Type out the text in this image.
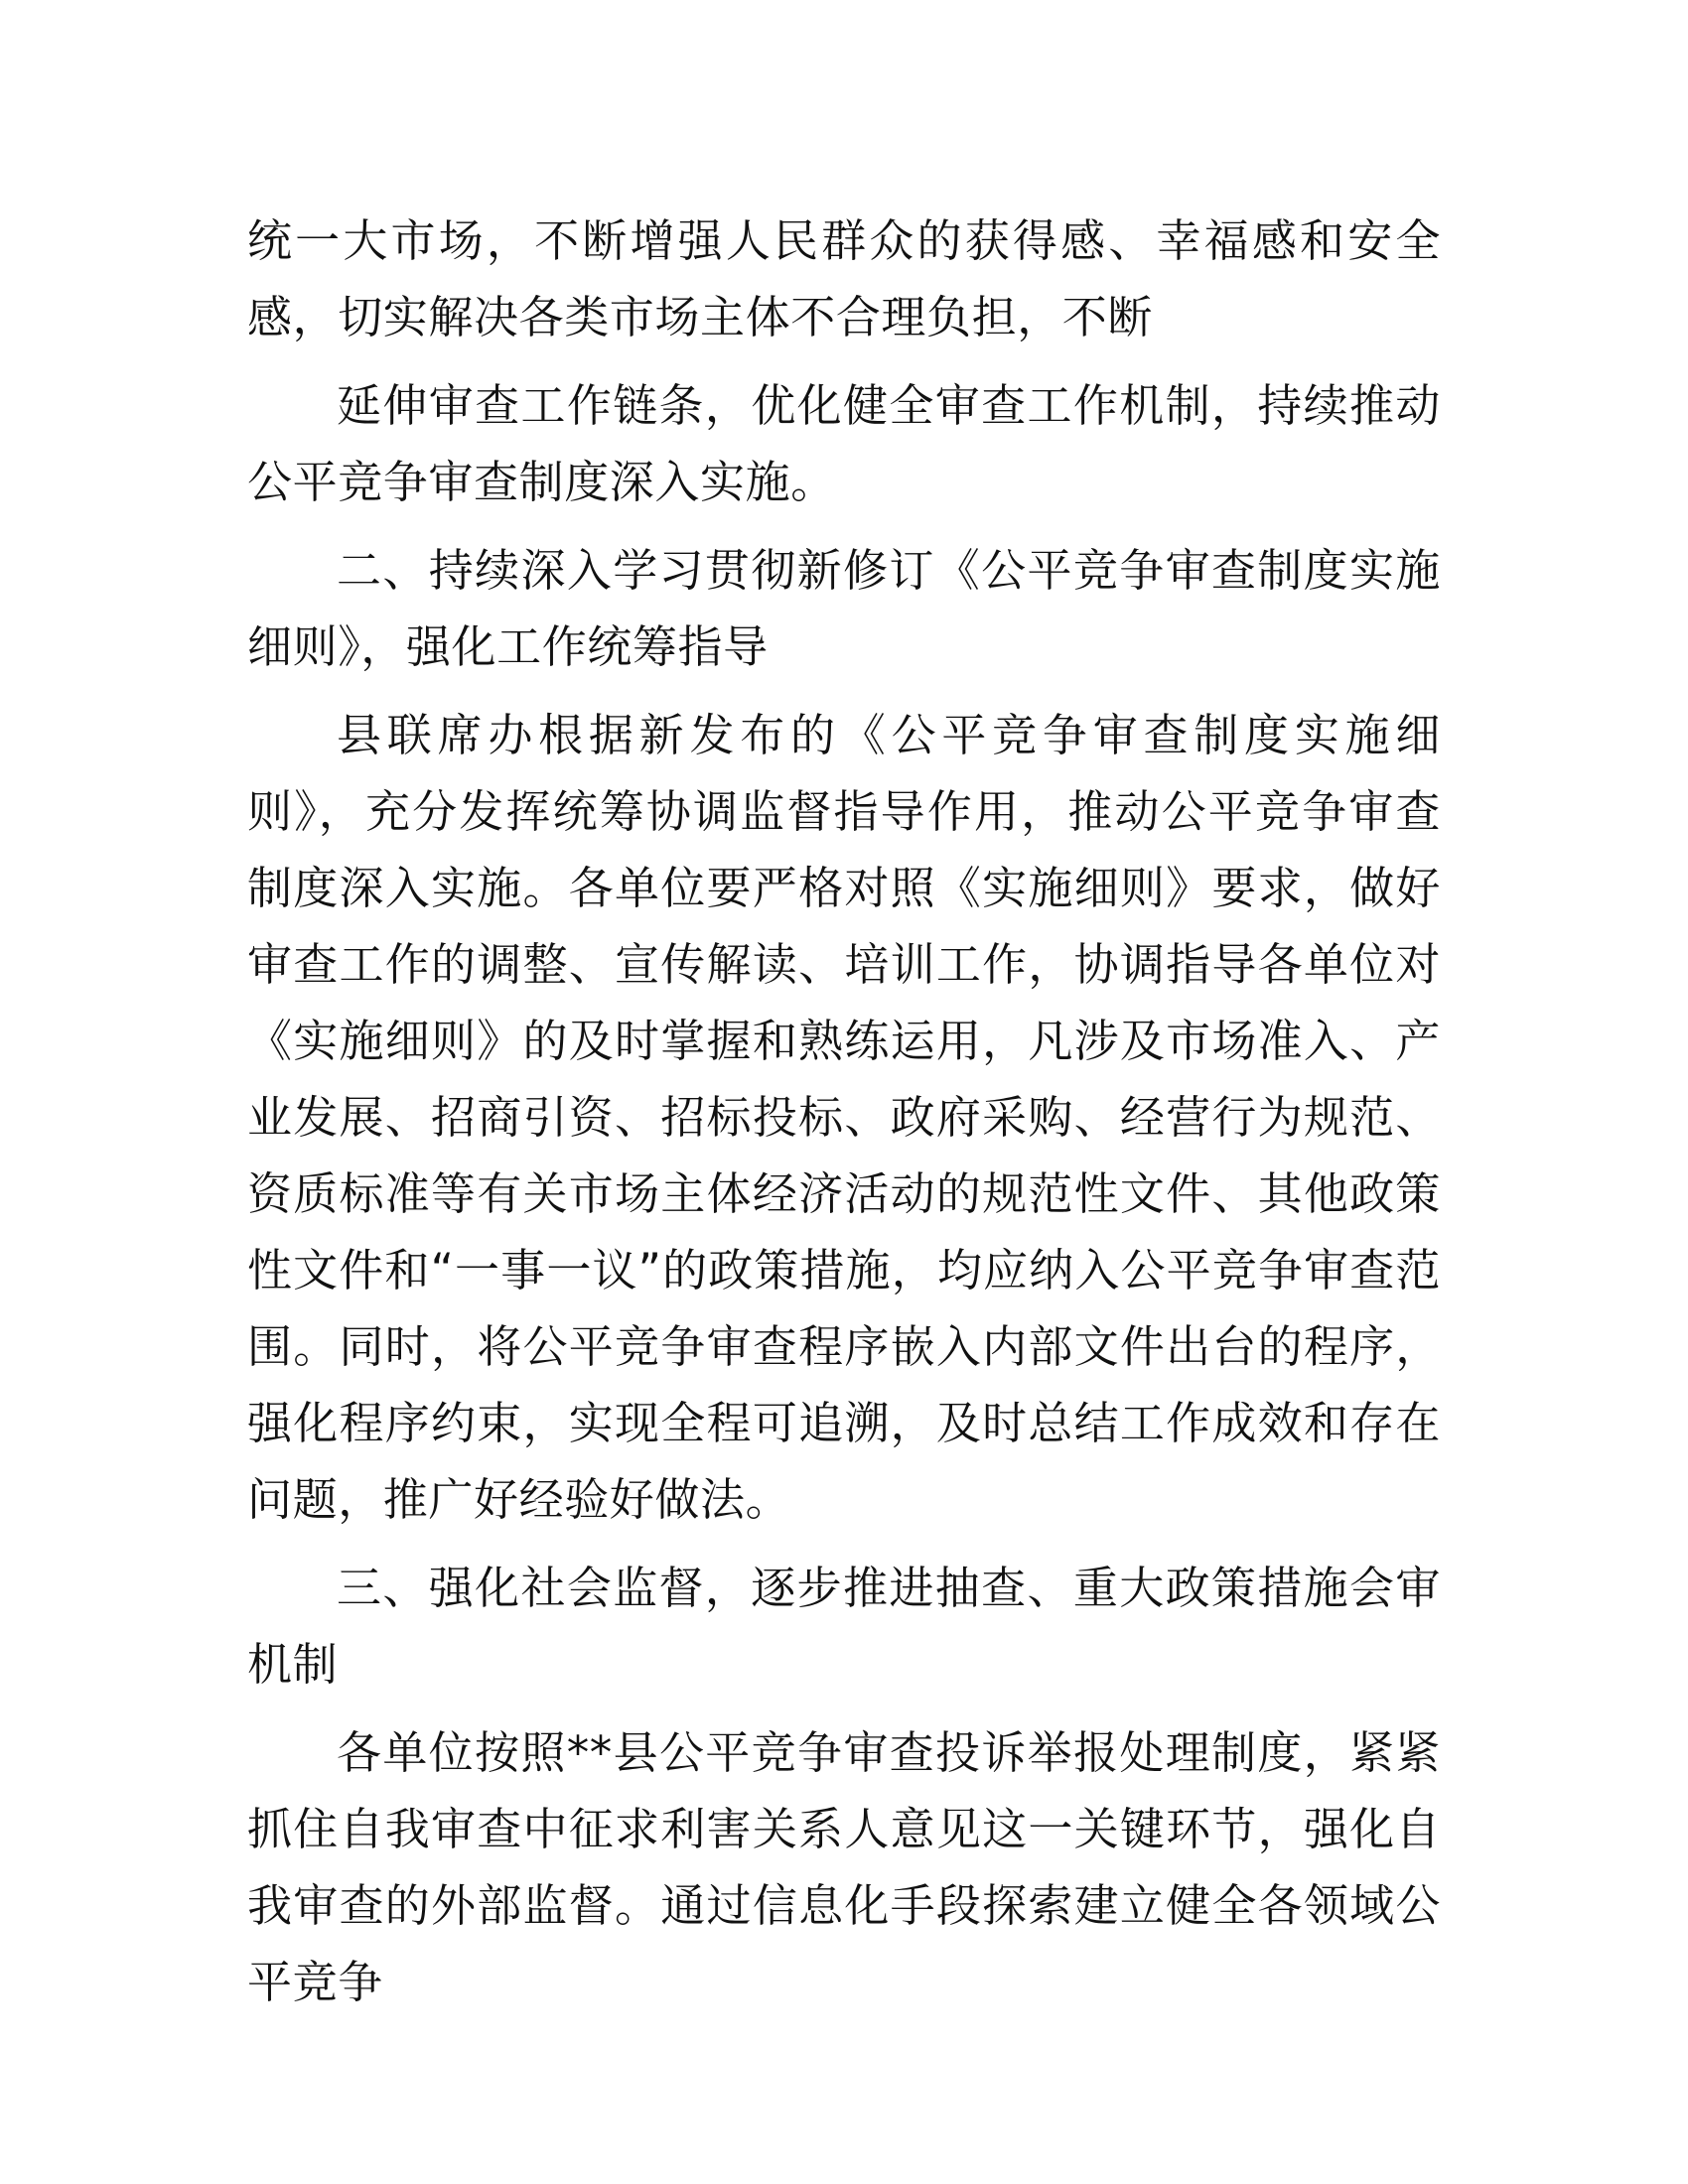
统一大市场，不断增强人民群众的获得感、幸福感和安全感，切实解决各类市场主体不合理负担，不断

延伸审查工作链条，优化健全审查工作机制，持续推动公平竞争审查制度深入实施。

二、持续深入学习贯彻新修订《公平竞争审查制度实施细则》，强化工作统筹指导

县联席办根据新发布的《公平竞争审查制度实施细则》，充分发挥统筹协调监督指导作用，推动公平竞争审查制度深入实施。各单位要严格对照《实施细则》要求，做好审查工作的调整、宣传解读、培训工作，协调指导各单位对《实施细则》的及时掌握和熟练运用，凡涉及市场准入、产业发展、招商引资、招标投标、政府采购、经营行为规范、资质标准等有关市场主体经济活动的规范性文件、其他政策性文件和“一事一议”的政策措施，均应纳入公平竞争审查范围。同时，将公平竞争审查程序嵌入内部文件出台的程序，强化程序约束，实现全程可追溯，及时总结工作成效和存在问题，推广好经验好做法。

三、强化社会监督，逐步推进抽查、重大政策措施会审机制

各单位按照**县公平竞争审查投诉举报处理制度，紧紧抓住自我审查中征求利害关系人意见这一关键环节，强化自我审查的外部监督。通过信息化手段探索建立健全各领域公平竞争
